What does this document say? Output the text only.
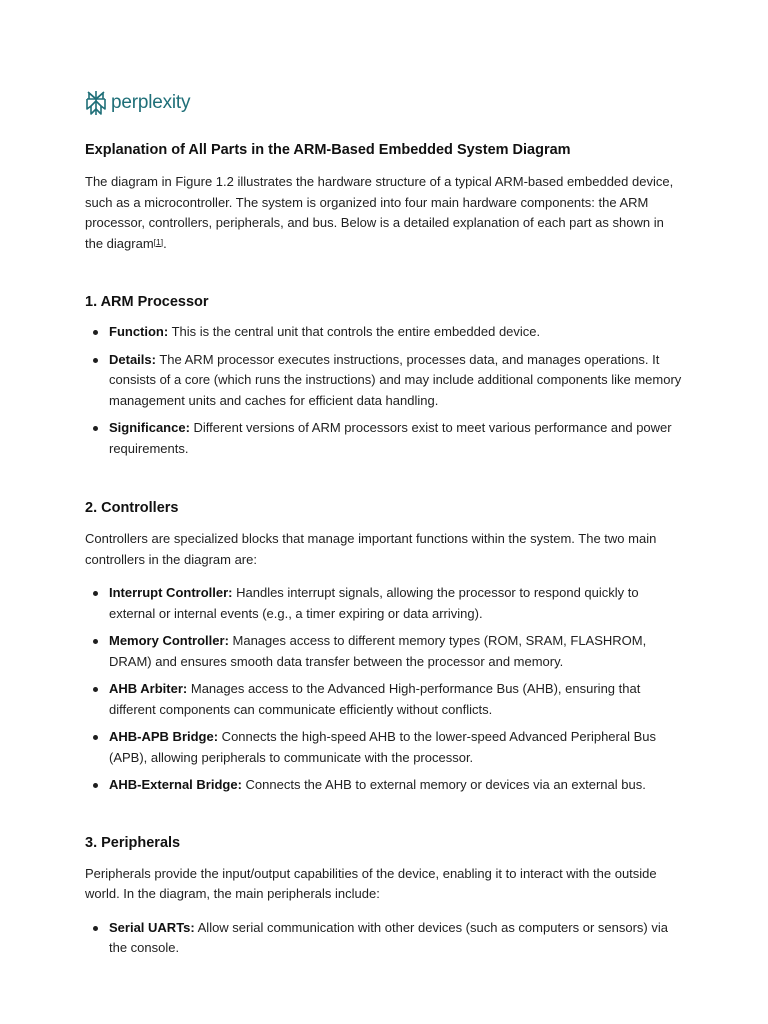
perplexity
Explanation of All Parts in the ARM-Based Embedded System Diagram

The diagram in Figure 1.2 illustrates the hardware structure of a typical ARM-based embedded device, such as a microcontroller. The system is organized into four main hardware components: the ARM processor, controllers, peripherals, and bus. Below is a detailed explanation of each part as shown in the diagram[1].

1. ARM Processor
Function: This is the central unit that controls the entire embedded device.
Details: The ARM processor executes instructions, processes data, and manages operations. It consists of a core (which runs the instructions) and may include additional components like memory management units and caches for efficient data handling.
Significance: Different versions of ARM processors exist to meet various performance and power requirements.
2. Controllers

Controllers are specialized blocks that manage important functions within the system. The two main controllers in the diagram are:

Interrupt Controller: Handles interrupt signals, allowing the processor to respond quickly to external or internal events (e.g., a timer expiring or data arriving).
Memory Controller: Manages access to different memory types (ROM, SRAM, FLASHROM, DRAM) and ensures smooth data transfer between the processor and memory.
AHB Arbiter: Manages access to the Advanced High-performance Bus (AHB), ensuring that different components can communicate efficiently without conflicts.
AHB-APB Bridge: Connects the high-speed AHB to the lower-speed Advanced Peripheral Bus (APB), allowing peripherals to communicate with the processor.
AHB-External Bridge: Connects the AHB to external memory or devices via an external bus.
3. Peripherals

Peripherals provide the input/output capabilities of the device, enabling it to interact with the outside world. In the diagram, the main peripherals include:

Serial UARTs: Allow serial communication with other devices (such as computers or sensors) via the console.
